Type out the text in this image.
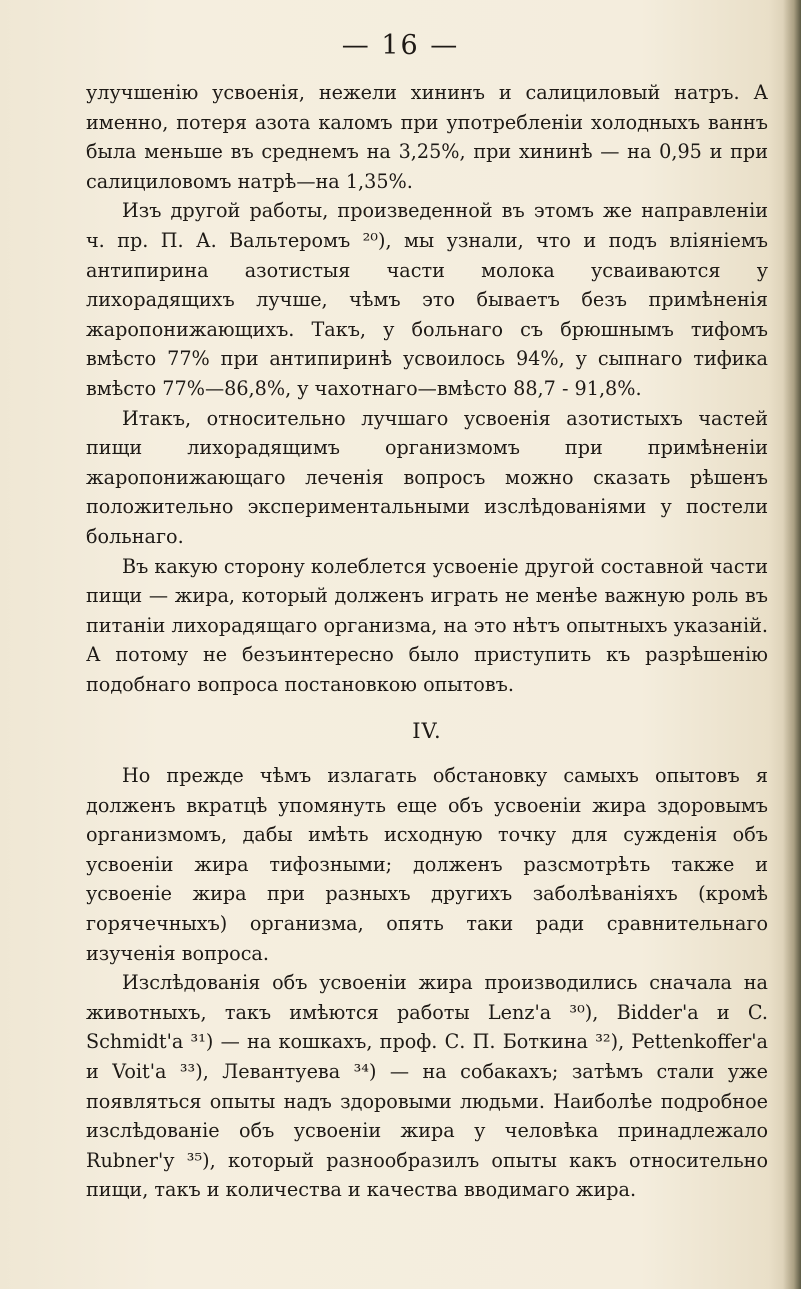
— 16 —

улучшенію усвоенія, нежели хининъ и салициловый натръ. А именно, потеря азота каломъ при употребленіи холодныхъ ваннъ была меньше въ среднемъ на 3,25%, при хининѣ — на 0,95 и при салициловомъ натрѣ—на 1,35%.

Изъ другой работы, произведенной въ этомъ же направленіи ч. пр. П. А. Вальтеромъ ²⁰), мы узнали, что и подъ вліяніемъ антипирина азотистыя части молока усваиваются у лихорадящихъ лучше, чѣмъ это бываетъ безъ примѣненія жаропонижающихъ. Такъ, у больнаго съ брюшнымъ тифомъ вмѣсто 77% при антипиринѣ усвоилось 94%, у сыпнаго тифика вмѣсто 77%—86,8%, у чахотнаго—вмѣсто 88,7 - 91,8%.

Итакъ, относительно лучшаго усвоенія азотистыхъ частей пищи лихорадящимъ организмомъ при примѣненіи жаропонижающаго леченія вопросъ можно сказать рѣшенъ положительно экспериментальными изслѣдованіями у постели больнаго.

Въ какую сторону колеблется усвоеніе другой составной части пищи — жира, который долженъ играть не менѣе важную роль въ питаніи лихорадящаго организма, на это нѣтъ опытныхъ указаній. А потому не безъинтересно было приступить къ разрѣшенію подобнаго вопроса постановкою опытовъ.

IV.

Но прежде чѣмъ излагать обстановку самыхъ опытовъ я долженъ вкратцѣ упомянуть еще объ усвоеніи жира здоровымъ организмомъ, дабы имѣть исходную точку для сужденія объ усвоеніи жира тифозными; долженъ разсмотрѣть также и усвоеніе жира при разныхъ другихъ заболѣваніяхъ (кромѣ горячечныхъ) организма, опять таки ради сравнительнаго изученія вопроса.

Изслѣдованія объ усвоеніи жира производились сначала на животныхъ, такъ имѣются работы Lenz'a ³⁰), Bidder'a и C. Schmidt'a ³¹) — на кошкахъ, проф. С. П. Боткина ³²), Pettenkoffer'a и Voit'a ³³), Левантуева ³⁴) — на собакахъ; затѣмъ стали уже появляться опыты надъ здоровыми людьми. Наиболѣе подробное изслѣдованіе объ усвоеніи жира у человѣка принадлежало Rubner'у ³⁵), который разнообразилъ опыты какъ относительно пищи, такъ и количества и качества вводимаго жира.
